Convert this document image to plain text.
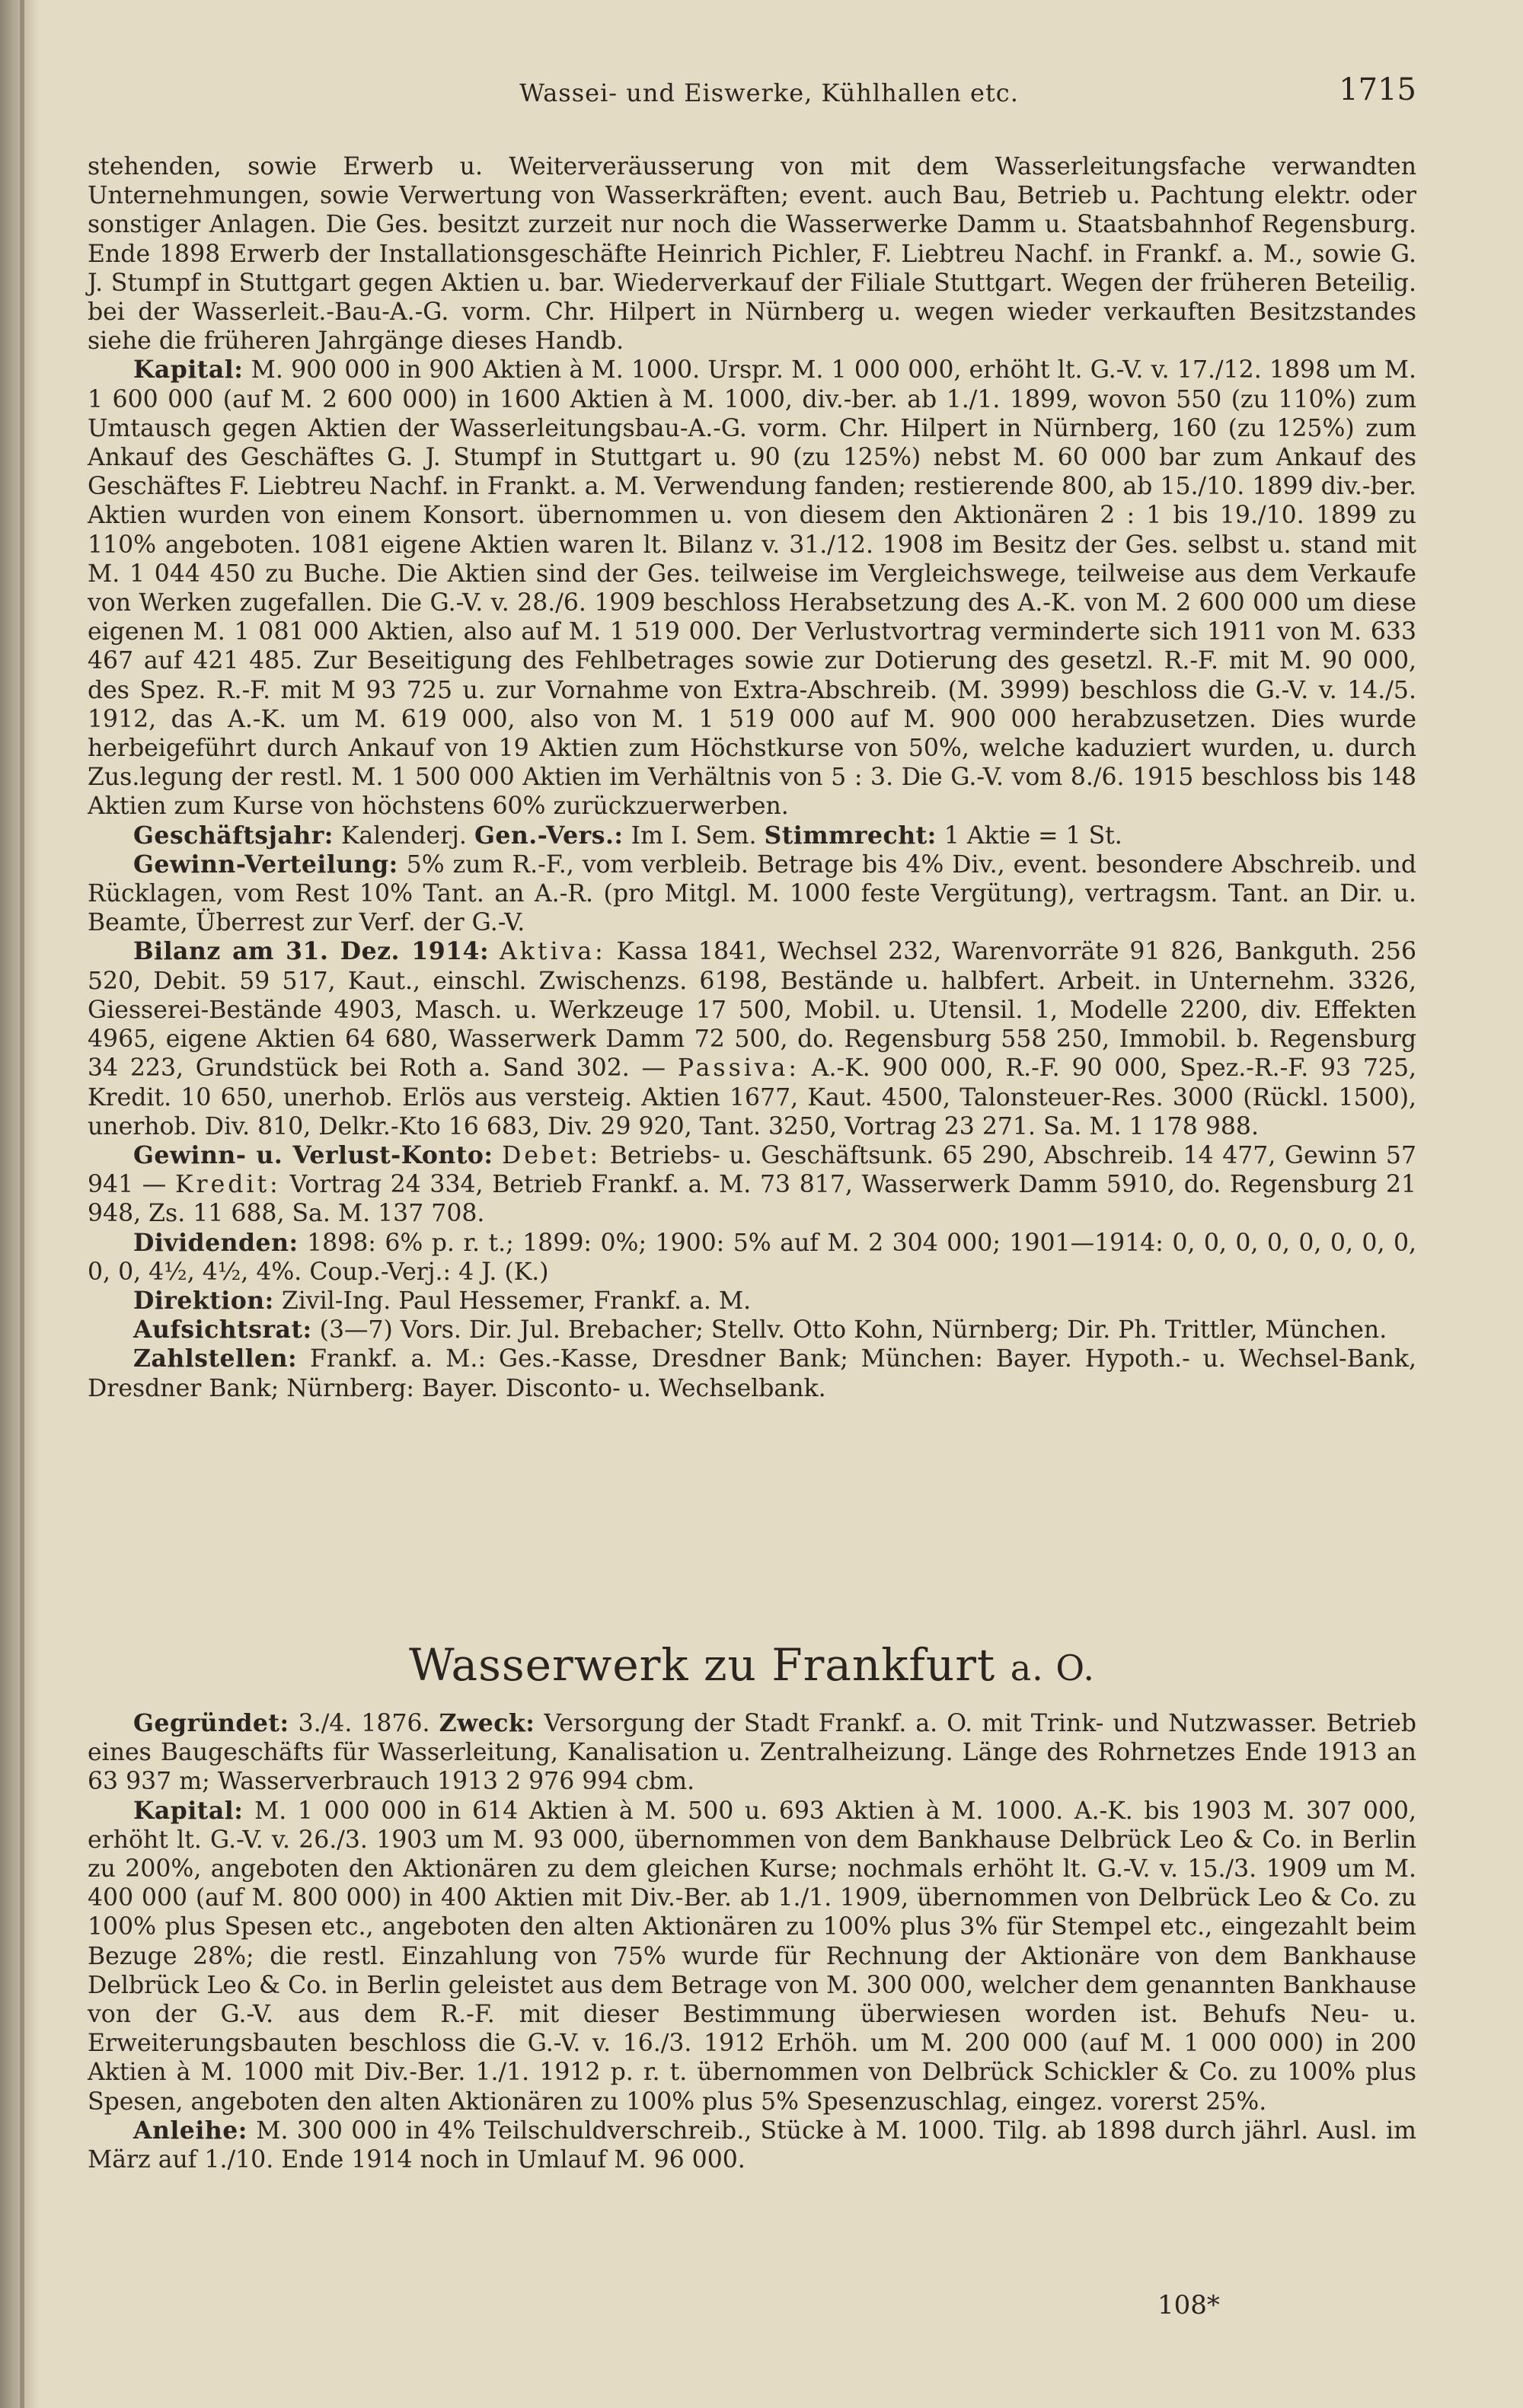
Wassei- und Eiswerke, Kühlhallen etc.	1715

stehenden, sowie Erwerb u. Weiterveräusserung von mit dem Wasserleitungsfache verwandten Unternehmungen, sowie Verwertung von Wasserkräften; event. auch Bau, Betrieb u. Pachtung elektr. oder sonstiger Anlagen. Die Ges. besitzt zurzeit nur noch die Wasserwerke Damm u. Staatsbahnhof Regensburg. Ende 1898 Erwerb der Installationsgeschäfte Heinrich Pichler, F. Liebtreu Nachf. in Frankf. a. M., sowie G. J. Stumpf in Stuttgart gegen Aktien u. bar. Wiederverkauf der Filiale Stuttgart. Wegen der früheren Beteilig. bei der Wasserleit.-Bau-A.-G. vorm. Chr. Hilpert in Nürnberg u. wegen wieder verkauften Besitzstandes siehe die früheren Jahrgänge dieses Handb.

Kapital: M. 900 000 in 900 Aktien à M. 1000. Urspr. M. 1 000 000, erhöht lt. G.-V. v. 17./12. 1898 um M. 1 600 000 (auf M. 2 600 000) in 1600 Aktien à M. 1000, div.-ber. ab 1./1. 1899, wovon 550 (zu 110%) zum Umtausch gegen Aktien der Wasserleitungsbau-A.-G. vorm. Chr. Hilpert in Nürnberg, 160 (zu 125%) zum Ankauf des Geschäftes G. J. Stumpf in Stuttgart u. 90 (zu 125%) nebst M. 60 000 bar zum Ankauf des Geschäftes F. Liebtreu Nachf. in Frankt. a. M. Verwendung fanden; restierende 800, ab 15./10. 1899 div.-ber. Aktien wurden von einem Konsort. übernommen u. von diesem den Aktionären 2 : 1 bis 19./10. 1899 zu 110% angeboten. 1081 eigene Aktien waren lt. Bilanz v. 31./12. 1908 im Besitz der Ges. selbst u. stand mit M. 1 044 450 zu Buche. Die Aktien sind der Ges. teilweise im Vergleichswege, teilweise aus dem Verkaufe von Werken zugefallen. Die G.-V. v. 28./6. 1909 beschloss Herabsetzung des A.-K. von M. 2 600 000 um diese eigenen M. 1 081 000 Aktien, also auf M. 1 519 000. Der Verlustvortrag verminderte sich 1911 von M. 633 467 auf 421 485. Zur Beseitigung des Fehlbetrages sowie zur Dotierung des gesetzl. R.-F. mit M. 90 000, des Spez. R.-F. mit M 93 725 u. zur Vornahme von Extra-Abschreib. (M. 3999) beschloss die G.-V. v. 14./5. 1912, das A.-K. um M. 619 000, also von M. 1 519 000 auf M. 900 000 herabzusetzen. Dies wurde herbeigeführt durch Ankauf von 19 Aktien zum Höchstkurse von 50%, welche kaduziert wurden, u. durch Zus.legung der restl. M. 1 500 000 Aktien im Verhältnis von 5 : 3. Die G.-V. vom 8./6. 1915 beschloss bis 148 Aktien zum Kurse von höchstens 60% zurückzuerwerben.

Geschäftsjahr: Kalenderj. Gen.-Vers.: Im I. Sem. Stimmrecht: 1 Aktie = 1 St.

Gewinn-Verteilung: 5% zum R.-F., vom verbleib. Betrage bis 4% Div., event. besondere Abschreib. und Rücklagen, vom Rest 10% Tant. an A.-R. (pro Mitgl. M. 1000 feste Vergütung), vertragsm. Tant. an Dir. u. Beamte, Überrest zur Verf. der G.-V.

Bilanz am 31. Dez. 1914: Aktiva: Kassa 1841, Wechsel 232, Warenvorräte 91 826, Bankguth. 256 520, Debit. 59 517, Kaut., einschl. Zwischenzs. 6198, Bestände u. halbfert. Arbeit. in Unternehm. 3326, Giesserei-Bestände 4903, Masch. u. Werkzeuge 17 500, Mobil. u. Utensil. 1, Modelle 2200, div. Effekten 4965, eigene Aktien 64 680, Wasserwerk Damm 72 500, do. Regensburg 558 250, Immobil. b. Regensburg 34 223, Grundstück bei Roth a. Sand 302. — Passiva: A.-K. 900 000, R.-F. 90 000, Spez.-R.-F. 93 725, Kredit. 10 650, unerhob. Erlös aus versteig. Aktien 1677, Kaut. 4500, Talonsteuer-Res. 3000 (Rückl. 1500), unerhob. Div. 810, Delkr.-Kto 16 683, Div. 29 920, Tant. 3250, Vortrag 23 271. Sa. M. 1 178 988.

Gewinn- u. Verlust-Konto: Debet: Betriebs- u. Geschäftsunk. 65 290, Abschreib. 14 477, Gewinn 57 941 — Kredit: Vortrag 24 334, Betrieb Frankf. a. M. 73 817, Wasserwerk Damm 5910, do. Regensburg 21 948, Zs. 11 688, Sa. M. 137 708.

Dividenden: 1898: 6% p. r. t.; 1899: 0%; 1900: 5% auf M. 2 304 000; 1901—1914: 0, 0, 0, 0, 0, 0, 0, 0, 0, 0, 4½, 4½, 4%. Coup.-Verj.: 4 J. (K.)

Direktion: Zivil-Ing. Paul Hessemer, Frankf. a. M.

Aufsichtsrat: (3—7) Vors. Dir. Jul. Brebacher; Stellv. Otto Kohn, Nürnberg; Dir. Ph. Trittler, München.

Zahlstellen: Frankf. a. M.: Ges.-Kasse, Dresdner Bank; München: Bayer. Hypoth.- u. Wechsel-Bank, Dresdner Bank; Nürnberg: Bayer. Disconto- u. Wechselbank.

Wasserwerk zu Frankfurt a. O.

Gegründet: 3./4. 1876. Zweck: Versorgung der Stadt Frankf. a. O. mit Trink- und Nutzwasser. Betrieb eines Baugeschäfts für Wasserleitung, Kanalisation u. Zentralheizung. Länge des Rohrnetzes Ende 1913 an 63 937 m; Wasserverbrauch 1913 2 976 994 cbm.

Kapital: M. 1 000 000 in 614 Aktien à M. 500 u. 693 Aktien à M. 1000. A.-K. bis 1903 M. 307 000, erhöht lt. G.-V. v. 26./3. 1903 um M. 93 000, übernommen von dem Bankhause Delbrück Leo & Co. in Berlin zu 200%, angeboten den Aktionären zu dem gleichen Kurse; nochmals erhöht lt. G.-V. v. 15./3. 1909 um M. 400 000 (auf M. 800 000) in 400 Aktien mit Div.-Ber. ab 1./1. 1909, übernommen von Delbrück Leo & Co. zu 100% plus Spesen etc., angeboten den alten Aktionären zu 100% plus 3% für Stempel etc., eingezahlt beim Bezuge 28%; die restl. Einzahlung von 75% wurde für Rechnung der Aktionäre von dem Bankhause Delbrück Leo & Co. in Berlin geleistet aus dem Betrage von M. 300 000, welcher dem genannten Bankhause von der G.-V. aus dem R.-F. mit dieser Bestimmung überwiesen worden ist. Behufs Neu- u. Erweiterungsbauten beschloss die G.-V. v. 16./3. 1912 Erhöh. um M. 200 000 (auf M. 1 000 000) in 200 Aktien à M. 1000 mit Div.-Ber. 1./1. 1912 p. r. t. übernommen von Delbrück Schickler & Co. zu 100% plus Spesen, angeboten den alten Aktionären zu 100% plus 5% Spesenzuschlag, eingez. vorerst 25%.

Anleihe: M. 300 000 in 4% Teilschuldverschreib., Stücke à M. 1000. Tilg. ab 1898 durch jährl. Ausl. im März auf 1./10. Ende 1914 noch in Umlauf M. 96 000.

108*
